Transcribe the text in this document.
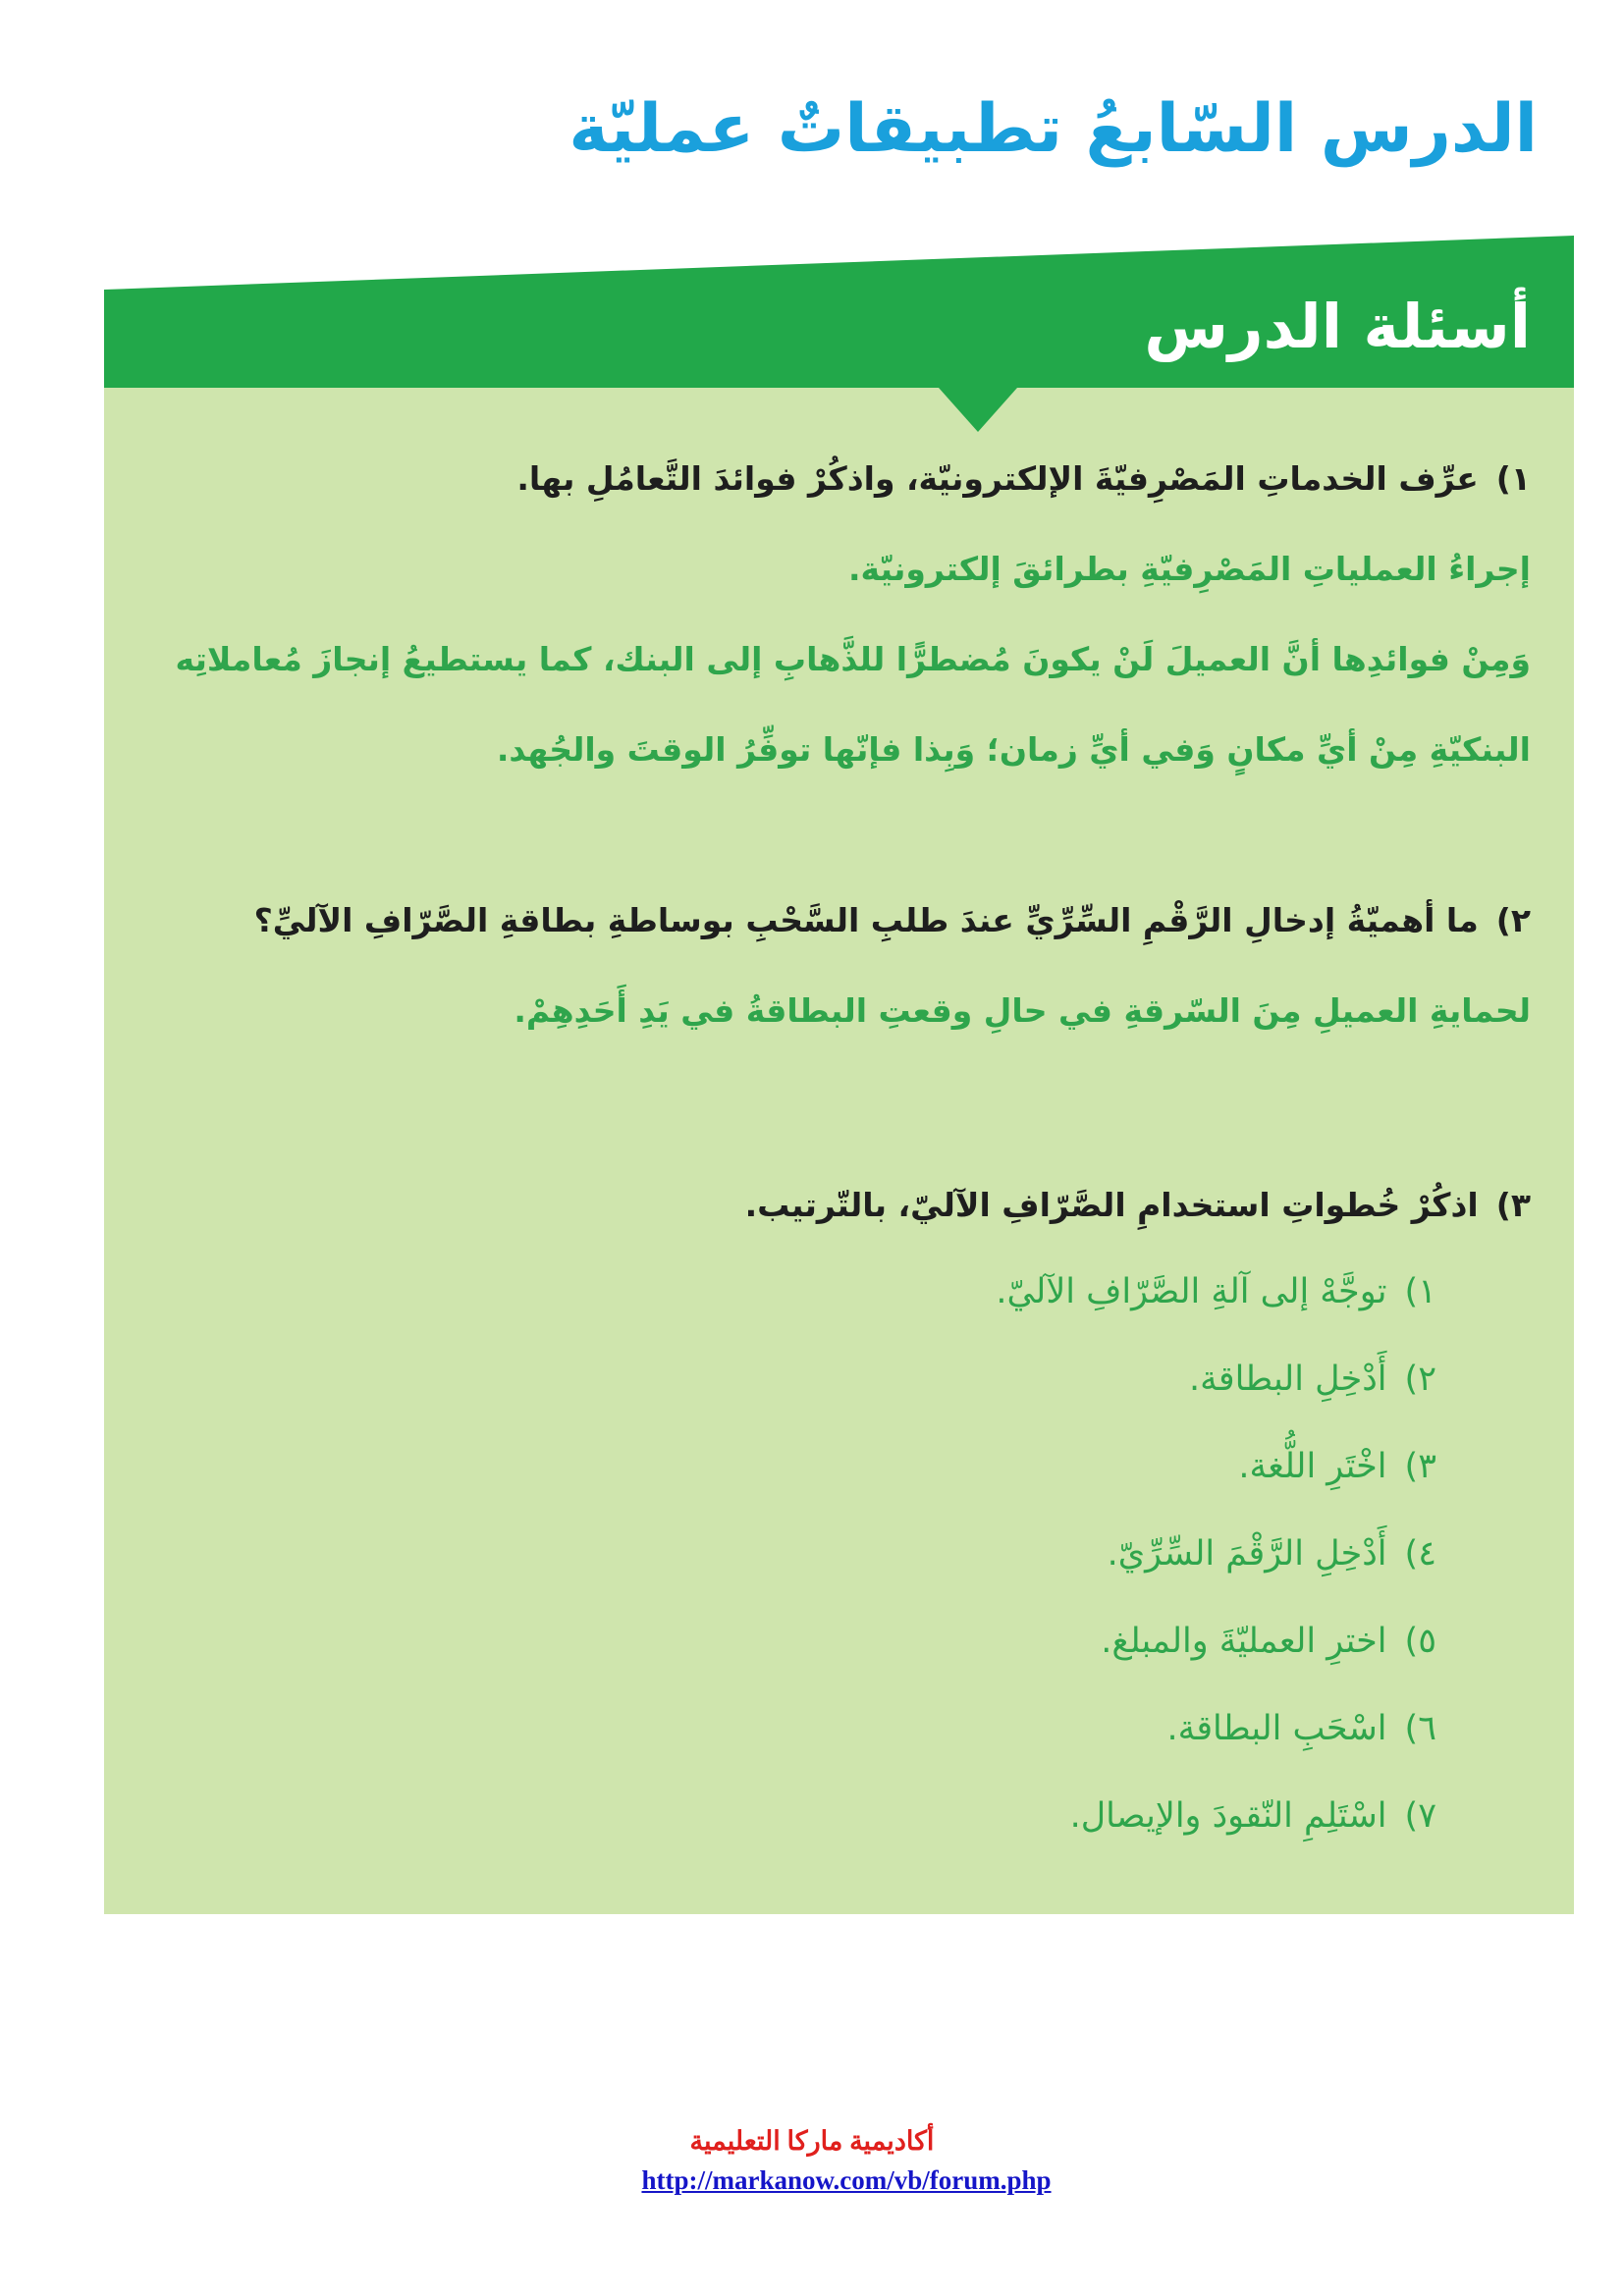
الدرس السّابعُ تطبيقاتٌ عمليّة
أسئلة الدرس

١)عرِّف الخدماتِ المَصْرِفيّةَ الإلكترونيّة، واذكُرْ فوائدَ التَّعامُلِ بها.

إجراءُ العملياتِ المَصْرِفيّةِ بطرائقَ إلكترونيّة.

وَمِنْ فوائدِها أنَّ العميلَ لَنْ يكونَ مُضطرًّا للذَّهابِ إلى البنك، كما يستطيعُ إنجازَ مُعاملاتِه

البنكيّةِ مِنْ أيِّ مكانٍ وَفي أيِّ زمان؛ وَبِذا فإنّها توفِّرُ الوقتَ والجُهد.

٢)ما أهميّةُ إدخالِ الرَّقْمِ السِّرِّيِّ عندَ طلبِ السَّحْبِ بوساطةِ بطاقةِ الصَّرّافِ الآليِّ؟

لحمايةِ العميلِ مِنَ السّرقةِ في حالِ وقعتِ البطاقةُ في يَدِ أَحَدِهِمْ.

٣)اذكُرْ خُطواتِ استخدامِ الصَّرّافِ الآليّ، بالتّرتيب.

١)توجَّهْ إلى آلةِ الصَّرّافِ الآليّ.

٢)أَدْخِلِ البطاقة.

٣)اخْتَرِ اللُّغة.

٤)أَدْخِلِ الرَّقْمَ السِّرِّيّ.

٥)اخترِ العمليّةَ والمبلغ.

٦)اسْحَبِ البطاقة.

٧)اسْتَلِمِ النّقودَ والإيصال.

أكاديمية ماركا التعليمية
http://markanow.com/vb/forum.php
